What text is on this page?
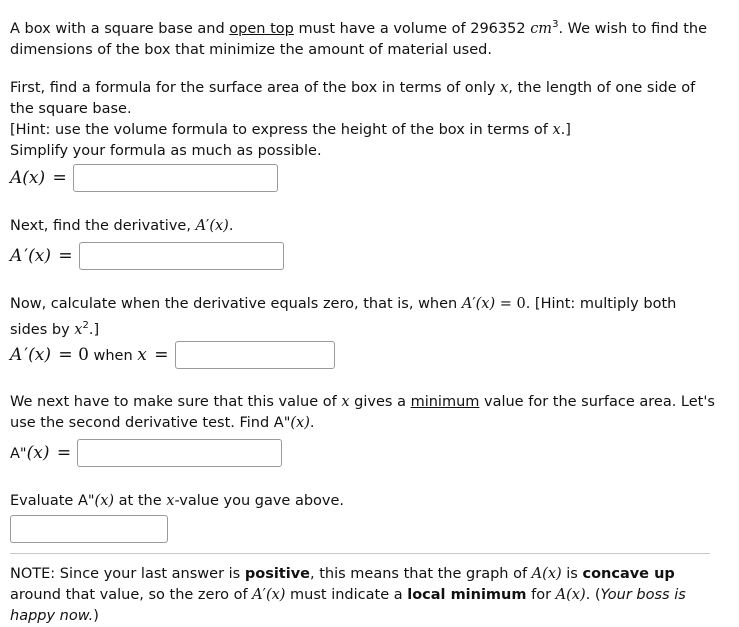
A box with a square base and open top must have a volume of 296352 $cm^3$. We wish to find the dimensions of the box that minimize the amount of material used.
First, find a formula for the surface area of the box in terms of only x, the length of one side of the square base.
[Hint: use the volume formula to express the height of the box in terms of x.]
Simplify your formula as much as possible.
A(x) =
Next, find the derivative, A′(x).
A ′(x) =
Now, calculate when the derivative equals zero, that is, when A′(x) = 0. [Hint: multiply both sides by $x^2$.]
A ′(x) = 0 when x =
We next have to make sure that this value of x gives a minimum value for the surface area. Let's use the second derivative test. Find A"(x).
A"(x) =
Evaluate A"(x) at the x-value you gave above.
NOTE: Since your last answer is positive, this means that the graph of A(x) is concave up around that value, so the zero of A′(x) must indicate a local minimum for A(x). (Your boss is happy now.)
